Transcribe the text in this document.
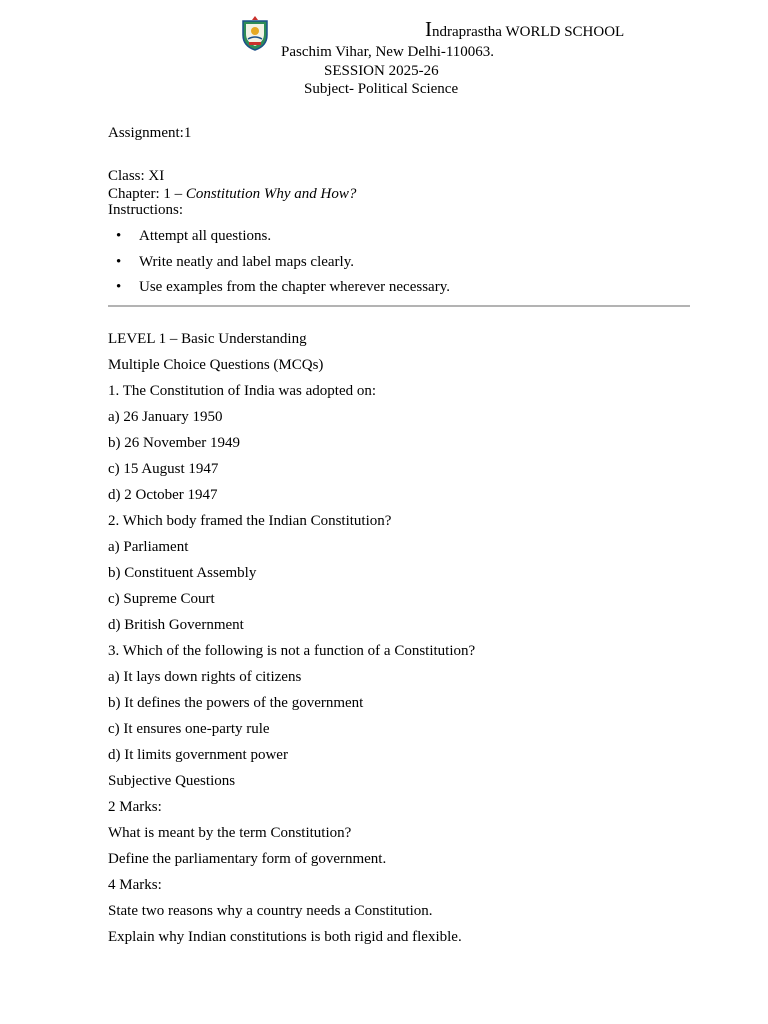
Indraprastha WORLD SCHOOL
Paschim Vihar, New Delhi-110063.
SESSION 2025-26
Subject- Political Science
Assignment:1
Class: XI
Chapter: 1 – Constitution Why and How?
Instructions:
• Attempt all questions.
• Write neatly and label maps clearly.
• Use examples from the chapter wherever necessary.
LEVEL 1 – Basic Understanding
Multiple Choice Questions (MCQs)
1. The Constitution of India was adopted on:
a) 26 January 1950
b) 26 November 1949
c) 15 August 1947
d) 2 October 1947
2. Which body framed the Indian Constitution?
a) Parliament
b) Constituent Assembly
c) Supreme Court
d) British Government
3. Which of the following is not a function of a Constitution?
a) It lays down rights of citizens
b) It defines the powers of the government
c) It ensures one-party rule
d) It limits government power
Subjective Questions
2 Marks:
What is meant by the term Constitution?
Define the parliamentary form of government.
4 Marks:
State two reasons why a country needs a Constitution.
Explain why Indian constitutions is both rigid and flexible.
